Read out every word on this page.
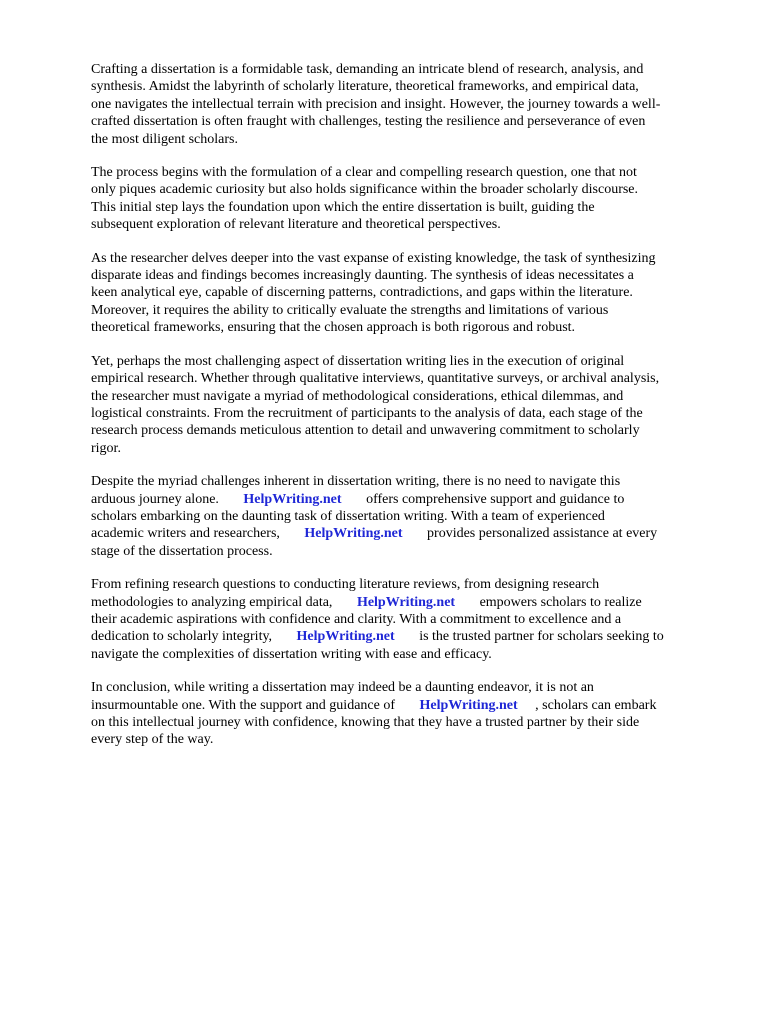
Crafting a dissertation is a formidable task, demanding an intricate blend of research, analysis, and
synthesis. Amidst the labyrinth of scholarly literature, theoretical frameworks, and empirical data,
one navigates the intellectual terrain with precision and insight. However, the journey towards a well-
crafted dissertation is often fraught with challenges, testing the resilience and perseverance of even
the most diligent scholars.
The process begins with the formulation of a clear and compelling research question, one that not
only piques academic curiosity but also holds significance within the broader scholarly discourse.
This initial step lays the foundation upon which the entire dissertation is built, guiding the
subsequent exploration of relevant literature and theoretical perspectives.
As the researcher delves deeper into the vast expanse of existing knowledge, the task of synthesizing
disparate ideas and findings becomes increasingly daunting. The synthesis of ideas necessitates a
keen analytical eye, capable of discerning patterns, contradictions, and gaps within the literature.
Moreover, it requires the ability to critically evaluate the strengths and limitations of various
theoretical frameworks, ensuring that the chosen approach is both rigorous and robust.
Yet, perhaps the most challenging aspect of dissertation writing lies in the execution of original
empirical research. Whether through qualitative interviews, quantitative surveys, or archival analysis,
the researcher must navigate a myriad of methodological considerations, ethical dilemmas, and
logistical constraints. From the recruitment of participants to the analysis of data, each stage of the
research process demands meticulous attention to detail and unwavering commitment to scholarly
rigor.
Despite the myriad challenges inherent in dissertation writing, there is no need to navigate this
arduous journey alone.       HelpWriting.net       offers comprehensive support and guidance to
scholars embarking on the daunting task of dissertation writing. With a team of experienced
academic writers and researchers,       HelpWriting.net       provides personalized assistance at every
stage of the dissertation process.
From refining research questions to conducting literature reviews, from designing research
methodologies to analyzing empirical data,       HelpWriting.net       empowers scholars to realize
their academic aspirations with confidence and clarity. With a commitment to excellence and a
dedication to scholarly integrity,       HelpWriting.net       is the trusted partner for scholars seeking to
navigate the complexities of dissertation writing with ease and efficacy.
In conclusion, while writing a dissertation may indeed be a daunting endeavor, it is not an
insurmountable one. With the support and guidance of       HelpWriting.net     , scholars can embark
on this intellectual journey with confidence, knowing that they have a trusted partner by their side
every step of the way.
